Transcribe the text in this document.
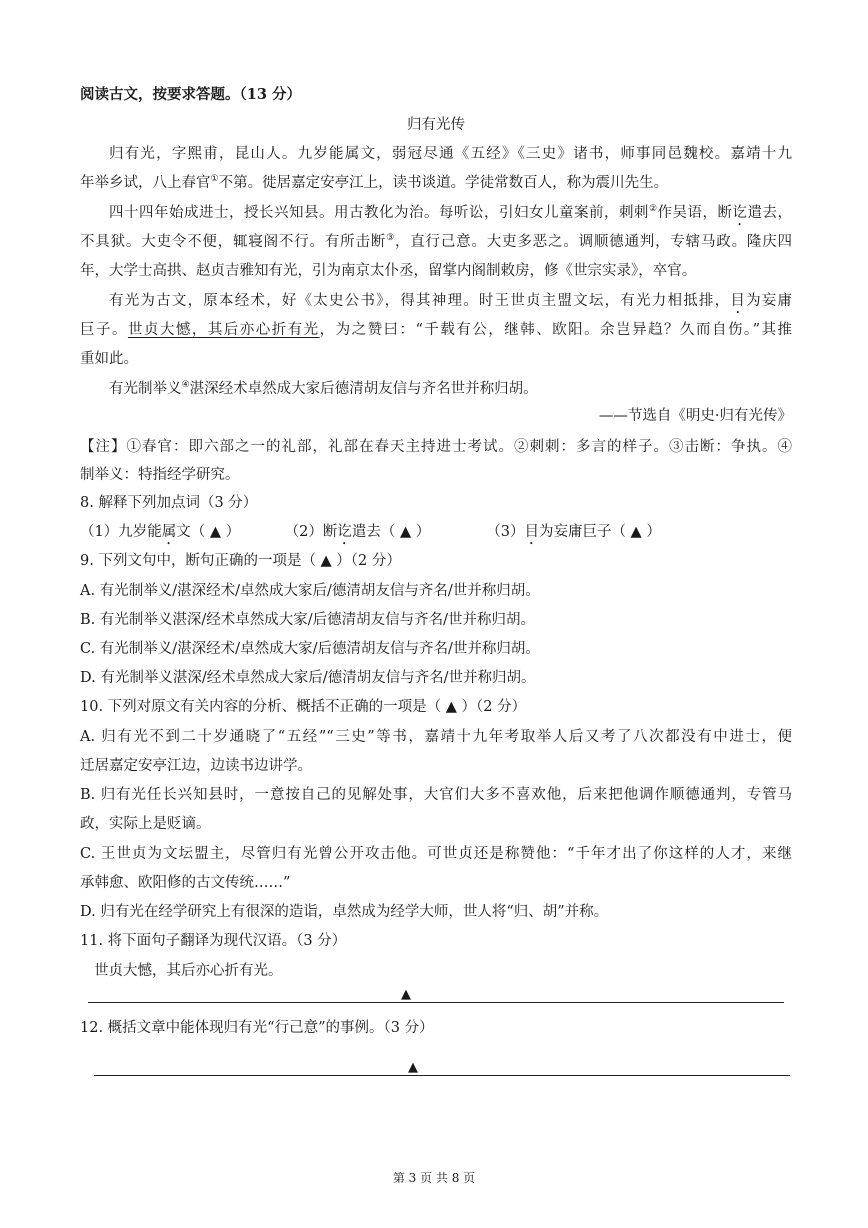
阅读古文，按要求答题。（13 分）
归有光传
归有光，字熙甫，昆山人。九岁能属文，弱冠尽通《五经》《三史》诸书，师事同邑魏校。嘉靖十九
年举乡试，八上春官①不第。徙居嘉定安亭江上，读书谈道。学徒常数百人，称为震川先生。
四十四年始成进士，授长兴知县。用古教化为治。每听讼，引妇女儿童案前，刺刺②作吴语，断讫遣去，
不具狱。大吏令不便，辄寝阁不行。有所击断③，直行己意。大吏多恶之。调顺德通判，专辖马政。隆庆四
年，大学士高拱、赵贞吉雅知有光，引为南京太仆丞，留掌内阁制敕房，修《世宗实录》，卒官。
有光为古文，原本经术，好《太史公书》，得其神理。时王世贞主盟文坛，有光力相抵排，目为妄庸
巨子。世贞大憾，其后亦心折有光，为之赞曰：“千载有公，继韩、欧阳。余岂异趋？久而自伤。”其推
重如此。
有光制举义④湛深经术卓然成大家后德清胡友信与齐名世并称归胡。
——节选自《明史·归有光传》
【注】①春官：即六部之一的礼部，礼部在春天主持进士考试。②刺刺：多言的样子。③击断：争执。④
制举义：特指经学研究。
8. 解释下列加点词（3 分）
（1）九岁能属文（ ▲ ）	（2）断讫遣去（ ▲ ）	（3）目为妄庸巨子（ ▲ ）
9. 下列文句中，断句正确的一项是（ ▲ ）（2 分）
A. 有光制举义/湛深经术/卓然成大家后/德清胡友信与齐名/世并称归胡。
B. 有光制举义湛深/经术卓然成大家/后德清胡友信与齐名/世并称归胡。
C. 有光制举义/湛深经术/卓然成大家/后德清胡友信与齐名/世并称归胡。
D. 有光制举义湛深/经术卓然成大家后/德清胡友信与齐名/世并称归胡。
10. 下列对原文有关内容的分析、概括不正确的一项是（ ▲ ）（2 分）
A. 归有光不到二十岁通晓了“五经”“三史”等书，嘉靖十九年考取举人后又考了八次都没有中进士，便
迁居嘉定安亭江边，边读书边讲学。
B. 归有光任长兴知县时，一意按自己的见解处事，大官们大多不喜欢他，后来把他调作顺德通判，专管马
政，实际上是贬谪。
C. 王世贞为文坛盟主，尽管归有光曾公开攻击他。可世贞还是称赞他：“千年才出了你这样的人才，来继
承韩愈、欧阳修的古文传统……”
D. 归有光在经学研究上有很深的造诣，卓然成为经学大师，世人将“归、胡”并称。
11. 将下面句子翻译为现代汉语。（3 分）
世贞大憾，其后亦心折有光。
▲
12. 概括文章中能体现归有光“行己意”的事例。（3 分）
▲
第 3 页 共 8 页
